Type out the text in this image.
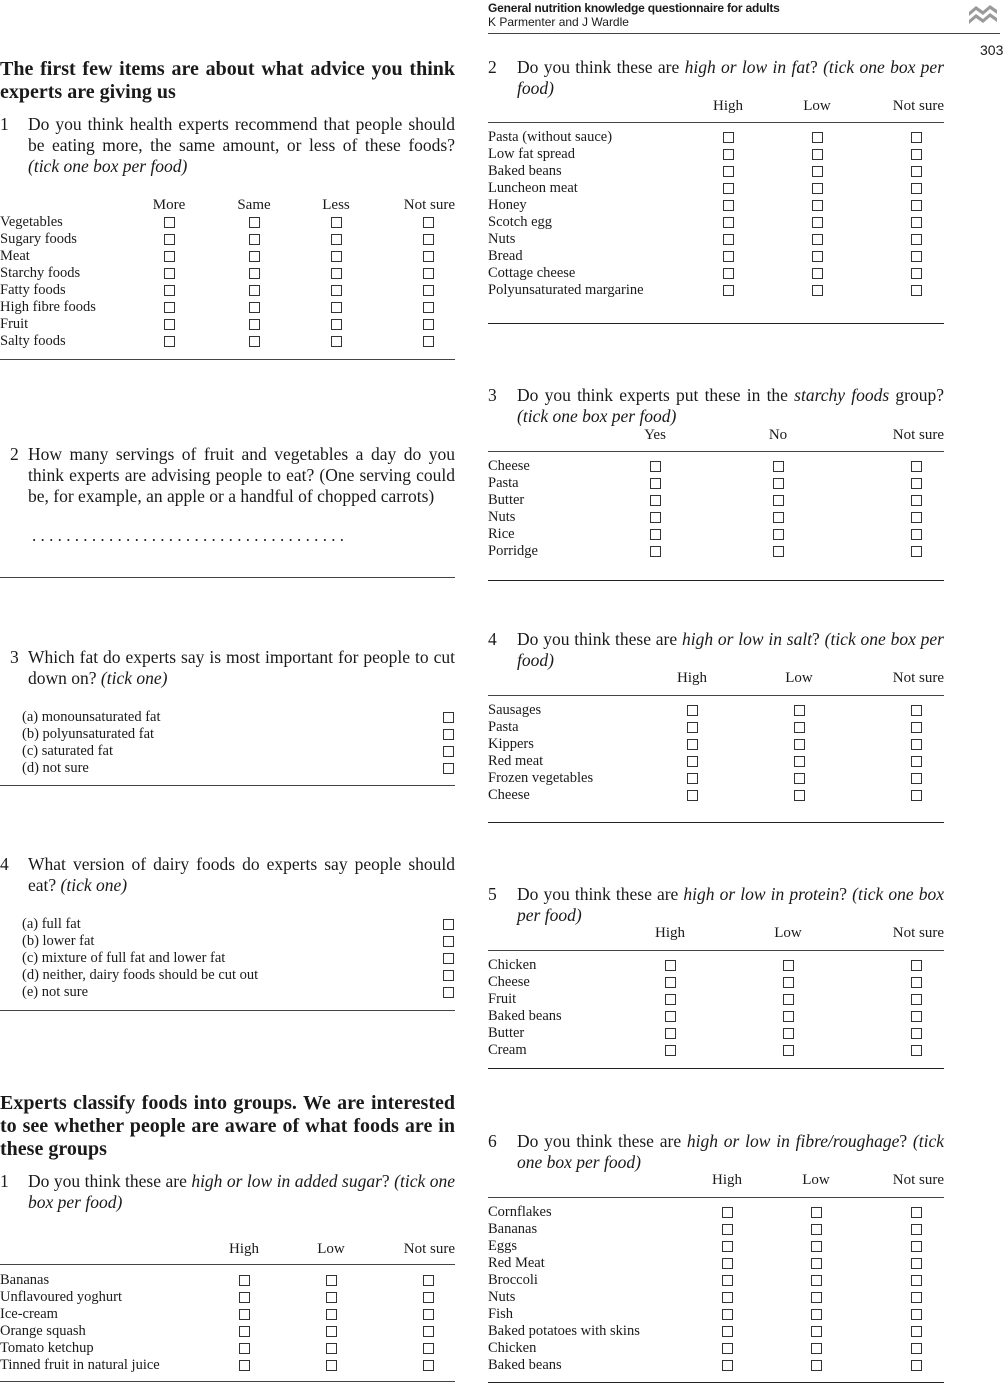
General nutrition knowledge questionnaire for adults
K Parmenter and J Wardle
303
The first few items are about what advice you think experts are giving us
1 Do you think health experts recommend that people should be eating more, the same amount, or less of these foods? (tick one box per food)
More	Same	Less	Not sure
Vegetables
Sugary foods
Meat
Starchy foods
Fatty foods
High fibre foods
Fruit
Salty foods
2 How many servings of fruit and vegetables a day do you think experts are advising people to eat? (One serving could be, for example, an apple or a handful of chopped carrots)
.....................................
3 Which fat do experts say is most important for people to cut down on? (tick one)
(a) monounsaturated fat
(b) polyunsaturated fat
(c) saturated fat
(d) not sure
4 What version of dairy foods do experts say people should eat? (tick one)
(a) full fat
(b) lower fat
(c) mixture of full fat and lower fat
(d) neither, dairy foods should be cut out
(e) not sure
Experts classify foods into groups. We are interested to see whether people are aware of what foods are in these groups
1 Do you think these are high or low in added sugar? (tick one box per food)
High	Low	Not sure
Bananas
Unflavoured yoghurt
Ice-cream
Orange squash
Tomato ketchup
Tinned fruit in natural juice
2 Do you think these are high or low in fat? (tick one box per food)
High	Low	Not sure
Pasta (without sauce)
Low fat spread
Baked beans
Luncheon meat
Honey
Scotch egg
Nuts
Bread
Cottage cheese
Polyunsaturated margarine
3 Do you think experts put these in the starchy foods group? (tick one box per food)
Yes	No	Not sure
Cheese
Pasta
Butter
Nuts
Rice
Porridge
4 Do you think these are high or low in salt? (tick one box per food)
High	Low	Not sure
Sausages
Pasta
Kippers
Red meat
Frozen vegetables
Cheese
5 Do you think these are high or low in protein? (tick one box per food)
High	Low	Not sure
Chicken
Cheese
Fruit
Baked beans
Butter
Cream
6 Do you think these are high or low in fibre/roughage? (tick one box per food)
High	Low	Not sure
Cornflakes
Bananas
Eggs
Red Meat
Broccoli
Nuts
Fish
Baked potatoes with skins
Chicken
Baked beans
